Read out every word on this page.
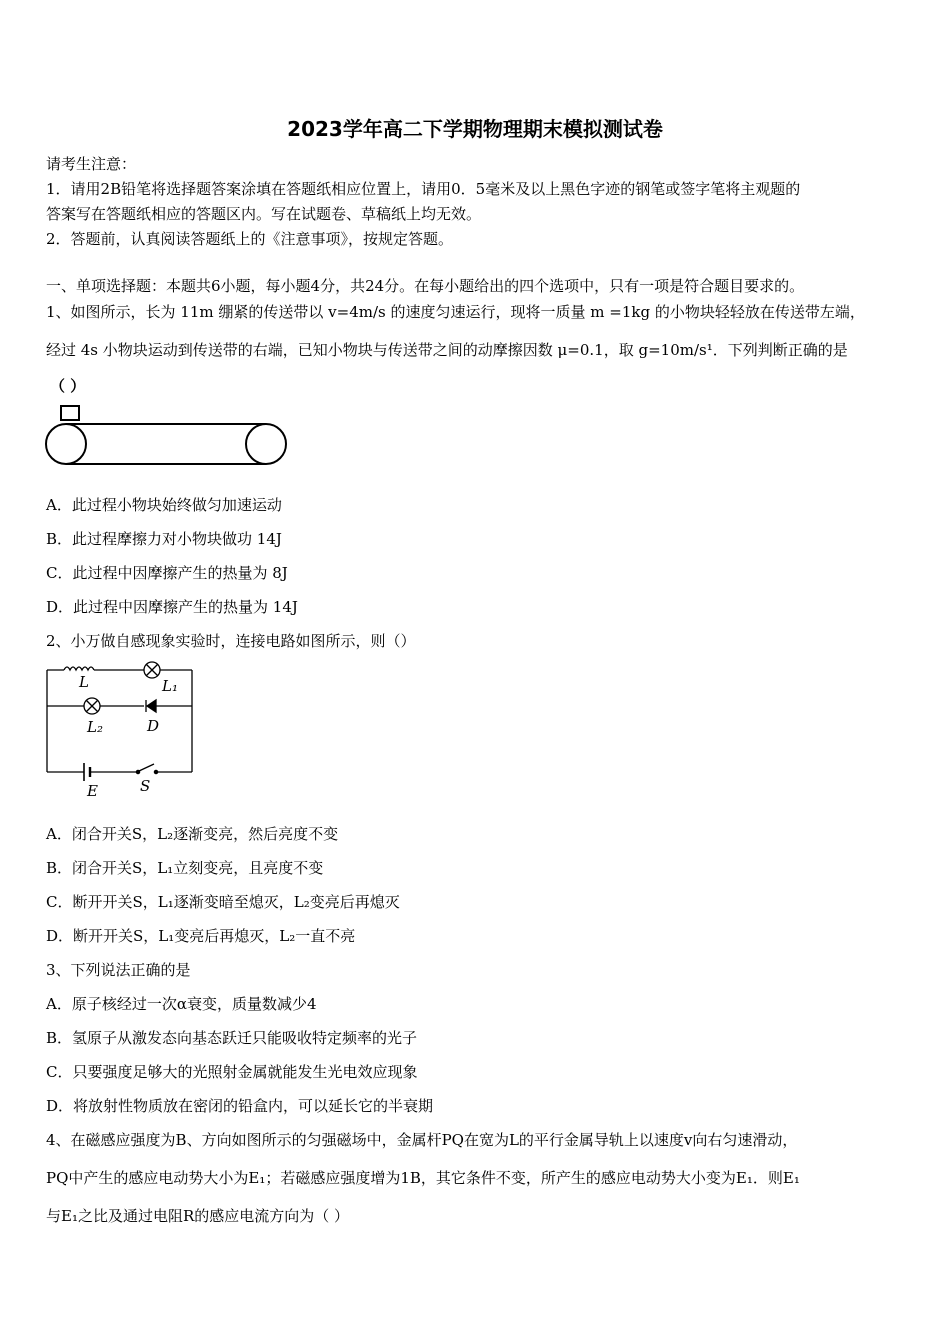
2023学年高二下学期物理期末模拟测试卷
请考生注意：
1．请用2B铅笔将选择题答案涂填在答题纸相应位置上，请用0．5毫米及以上黑色字迹的钢笔或签字笔将主观题的
答案写在答题纸相应的答题区内。写在试题卷、草稿纸上均无效。
2．答题前，认真阅读答题纸上的《注意事项》，按规定答题。
一、单项选择题：本题共6小题，每小题4分，共24分。在每小题给出的四个选项中，只有一项是符合题目要求的。
1、如图所示，长为 11m 绷紧的传送带以 v=4m/s 的速度匀速运行，现将一质量 m =1kg 的小物块轻轻放在传送带左端，
经过 4s 小物块运动到传送带的右端，已知小物块与传送带之间的动摩擦因数 μ=0.1，取 g=10m/s¹．下列判断正确的是
（ ）
A．此过程小物块始终做匀加速运动
B．此过程摩擦力对小物块做功 14J
C．此过程中因摩擦产生的热量为 8J
D．此过程中因摩擦产生的热量为 14J
2、小万做自感现象实验时，连接电路如图所示，则（）
L	L₁
L₂	D
E	S
A．闭合开关S，L₂逐渐变亮，然后亮度不变
B．闭合开关S，L₁立刻变亮，且亮度不变
C．断开开关S，L₁逐渐变暗至熄灭，L₂变亮后再熄灭
D．断开开关S，L₁变亮后再熄灭，L₂一直不亮
3、下列说法正确的是
A．原子核经过一次α衰变，质量数减少4
B．氢原子从激发态向基态跃迁只能吸收特定频率的光子
C．只要强度足够大的光照射金属就能发生光电效应现象
D．将放射性物质放在密闭的铅盒内，可以延长它的半衰期
4、在磁感应强度为B、方向如图所示的匀强磁场中，金属杆PQ在宽为L的平行金属导轨上以速度v向右匀速滑动，
PQ中产生的感应电动势大小为E₁；若磁感应强度增为1B，其它条件不变，所产生的感应电动势大小变为E₁．则E₁
与E₁之比及通过电阻R的感应电流方向为（ ）
